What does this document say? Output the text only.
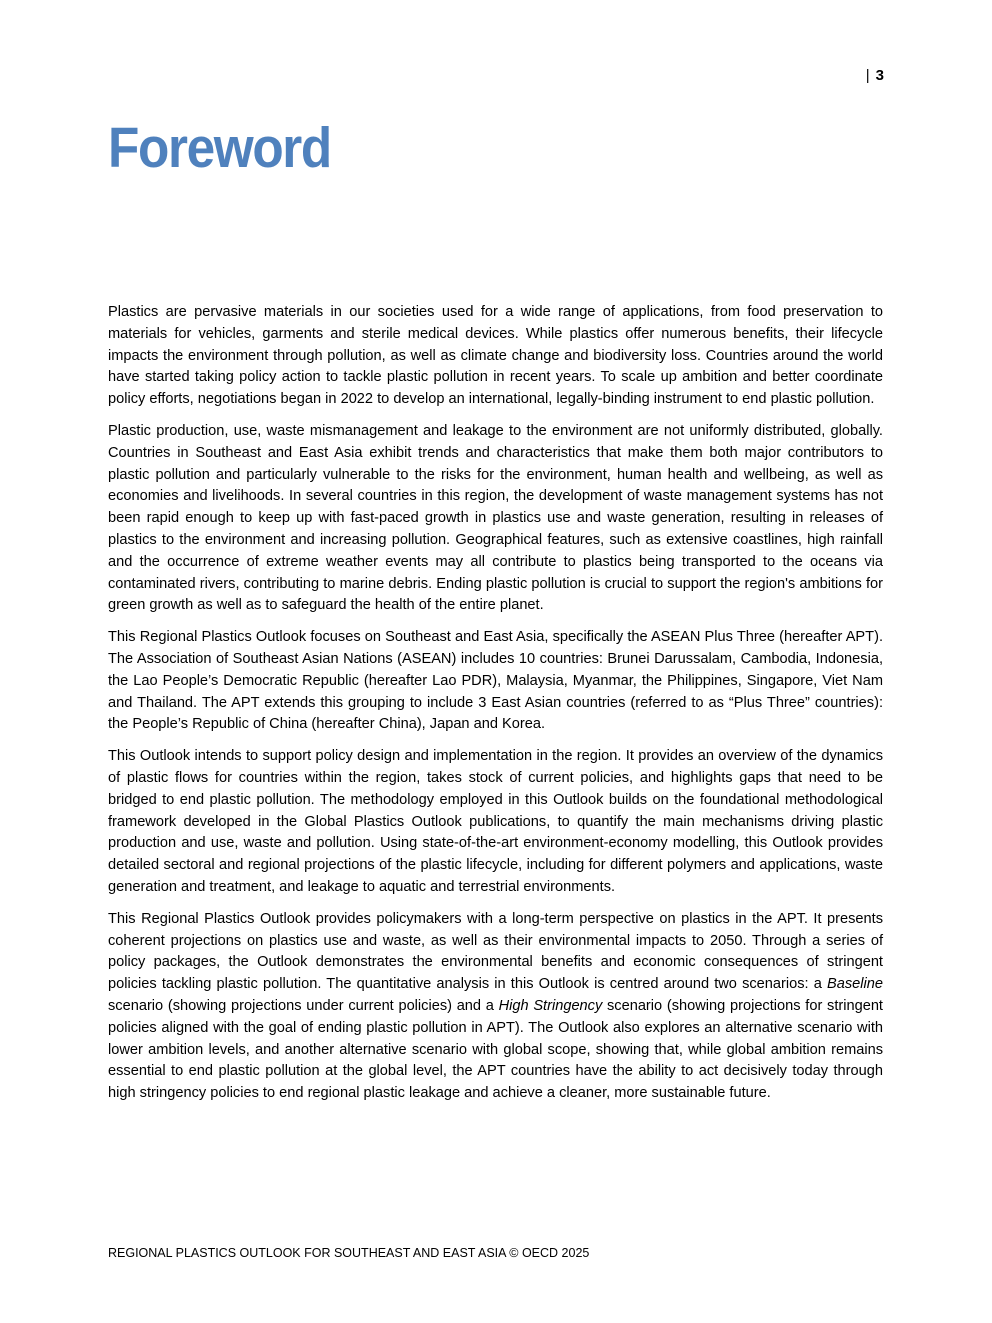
| 3
Foreword

Plastics are pervasive materials in our societies used for a wide range of applications, from food preservation to materials for vehicles, garments and sterile medical devices. While plastics offer numerous benefits, their lifecycle impacts the environment through pollution, as well as climate change and biodiversity loss. Countries around the world have started taking policy action to tackle plastic pollution in recent years. To scale up ambition and better coordinate policy efforts, negotiations began in 2022 to develop an international, legally-binding instrument to end plastic pollution.

Plastic production, use, waste mismanagement and leakage to the environment are not uniformly distributed, globally. Countries in Southeast and East Asia exhibit trends and characteristics that make them both major contributors to plastic pollution and particularly vulnerable to the risks for the environment, human health and wellbeing, as well as economies and livelihoods. In several countries in this region, the development of waste management systems has not been rapid enough to keep up with fast-paced growth in plastics use and waste generation, resulting in releases of plastics to the environment and increasing pollution. Geographical features, such as extensive coastlines, high rainfall and the occurrence of extreme weather events may all contribute to plastics being transported to the oceans via contaminated rivers, contributing to marine debris. Ending plastic pollution is crucial to support the region's ambitions for green growth as well as to safeguard the health of the entire planet.

This Regional Plastics Outlook focuses on Southeast and East Asia, specifically the ASEAN Plus Three (hereafter APT). The Association of Southeast Asian Nations (ASEAN) includes 10 countries: Brunei Darussalam, Cambodia, Indonesia, the Lao People’s Democratic Republic (hereafter Lao PDR), Malaysia, Myanmar, the Philippines, Singapore, Viet Nam and Thailand. The APT extends this grouping to include 3 East Asian countries (referred to as “Plus Three” countries): the People’s Republic of China (hereafter China), Japan and Korea.

This Outlook intends to support policy design and implementation in the region. It provides an overview of the dynamics of plastic flows for countries within the region, takes stock of current policies, and highlights gaps that need to be bridged to end plastic pollution. The methodology employed in this Outlook builds on the foundational methodological framework developed in the Global Plastics Outlook publications, to quantify the main mechanisms driving plastic production and use, waste and pollution. Using state-of-the-art environment-economy modelling, this Outlook provides detailed sectoral and regional projections of the plastic lifecycle, including for different polymers and applications, waste generation and treatment, and leakage to aquatic and terrestrial environments.

This Regional Plastics Outlook provides policymakers with a long-term perspective on plastics in the APT. It presents coherent projections on plastics use and waste, as well as their environmental impacts to 2050. Through a series of policy packages, the Outlook demonstrates the environmental benefits and economic consequences of stringent policies tackling plastic pollution. The quantitative analysis in this Outlook is centred around two scenarios: a Baseline scenario (showing projections under current policies) and a High Stringency scenario (showing projections for stringent policies aligned with the goal of ending plastic pollution in APT). The Outlook also explores an alternative scenario with lower ambition levels, and another alternative scenario with global scope, showing that, while global ambition remains essential to end plastic pollution at the global level, the APT countries have the ability to act decisively today through high stringency policies to end regional plastic leakage and achieve a cleaner, more sustainable future.

REGIONAL PLASTICS OUTLOOK FOR SOUTHEAST AND EAST ASIA © OECD 2025
